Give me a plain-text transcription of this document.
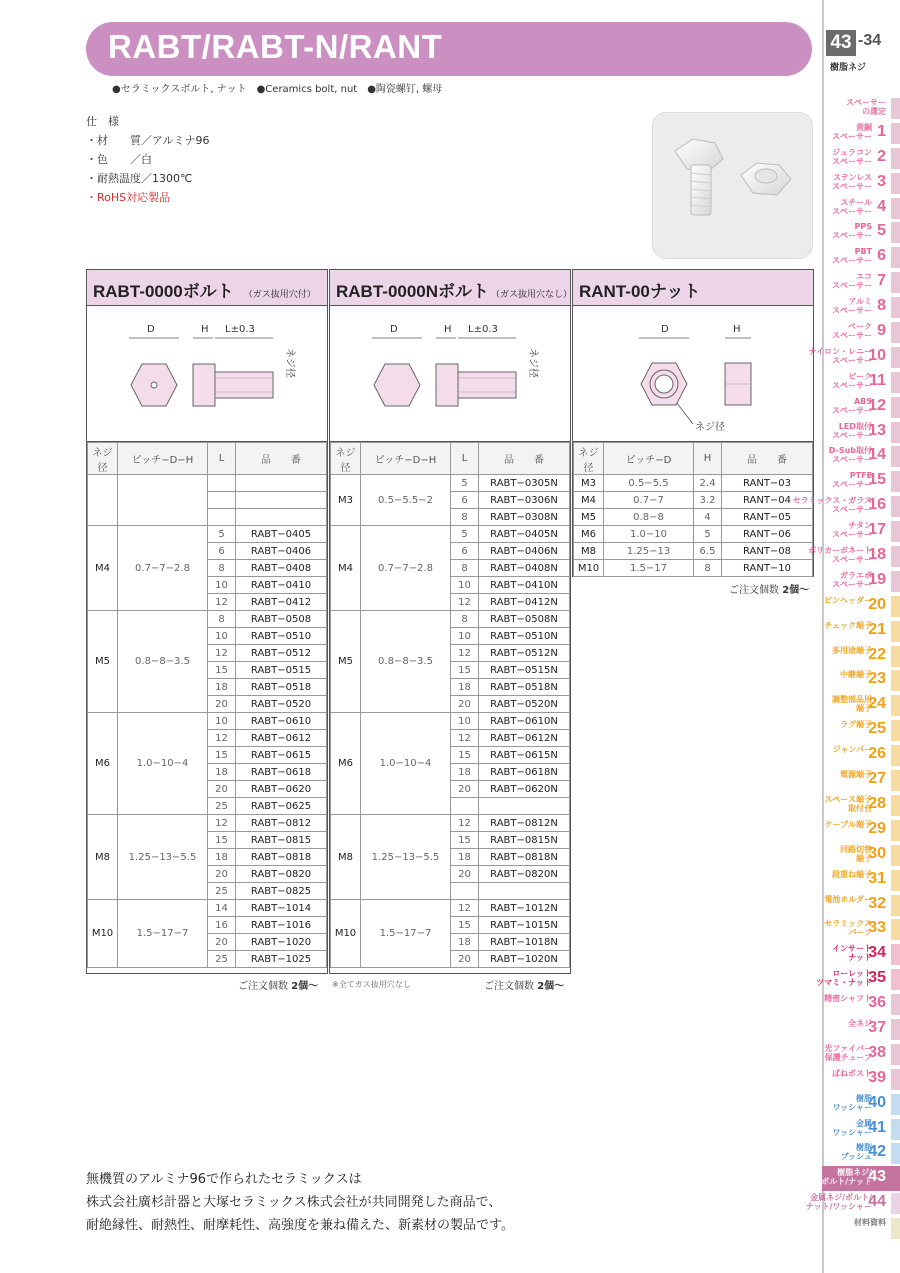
RABT/RABT-N/RANT
●セラミックスボルト, ナット　●Ceramics bolt, nut　●陶瓷螺钉, 螺母
43 -34
樹脂ネジ
仕　様
・材　　質／アルミナ96
・色　　／白
・耐熱温度／1300℃
・RoHS対応製品
RABT-0000ボルト （ガス抜用穴付）
D	H L±0.3
ネジ径
ネジ径	ピッチ−D−H	L	品　　番

M4	0.7−7−2.8	5	RABT−0405
		6	RABT−0406
		8	RABT−0408
		10	RABT−0410
		12	RABT−0412
M5	0.8−8−3.5	8	RABT−0508
		10	RABT−0510
		12	RABT−0512
		15	RABT−0515
		18	RABT−0518
		20	RABT−0520
M6	1.0−10−4	10	RABT−0610
		12	RABT−0612
		15	RABT−0615
		18	RABT−0618
		20	RABT−0620
		25	RABT−0625
M8	1.25−13−5.5	12	RABT−0812
		15	RABT−0815
		18	RABT−0818
		20	RABT−0820
		25	RABT−0825
M10	1.5−17−7	14	RABT−1014
		16	RABT−1016
		20	RABT−1020
		25	RABT−1025
ご注文個数 2個〜 ※全てガス抜用穴なし
RABT-0000Nボルト （ガス抜用穴なし）
D	H L±0.3
ネジ径
ネジ径	ピッチ−D−H	L	品　　番
M3	0.5−5.5−2	5	RABT−0305N
		6	RABT−0306N
		8	RABT−0308N
M4	0.7−7−2.8	5	RABT−0405N
		6	RABT−0406N
		8	RABT−0408N
		10	RABT−0410N
		12	RABT−0412N
M5	0.8−8−3.5	8	RABT−0508N
		10	RABT−0510N
		12	RABT−0512N
		15	RABT−0515N
		18	RABT−0518N
		20	RABT−0520N
M6	1.0−10−4	10	RABT−0610N
		12	RABT−0612N
		15	RABT−0615N
		18	RABT−0618N
		20	RABT−0620N

M8	1.25−13−5.5	12	RABT−0812N
		15	RABT−0815N
		18	RABT−0818N
		20	RABT−0820N

M10	1.5−17−7	12	RABT−1012N
		15	RABT−1015N
		18	RABT−1018N
		20	RABT−1020N
ご注文個数 2個〜
RANT-00ナット
D	H
ネジ径
ネジ径	ピッチ−D	H	品　　番
M3	0.5−5.5	2.4	RANT−03
M4	0.7−7	3.2	RANT−04
M5	0.8−8	4	RANT−05
M6	1.0−10	5	RANT−06
M8	1.25−13	6.5	RANT−08
M10	1.5−17	8	RANT−10
ご注文個数 2個〜
スペーサー
の選定
黄銅
スペーサー 1
ジュラコン
スペーサー 2
ステンレス
スペーサー 3
スチール
スペーサー 4
PPS
スペーサー 5
PBT
スペーサー 6
エコ
スペーサー 7
アルミ
スペーサー 8
ベーク
スペーサー 9
ナイロン・レニー
スペーサー
10
ピーク
スペーサー
11
ABS
スペーサー
12
LED取付
スペーサー
13
D-Sub取付
スペーサー
14
PTFE
スペーサー
15
セラミックス・ガラス
スペーサー
16
チタン
スペーサー
17
ポリカーボネート
スペーサー
18
ガラエポ
スペーサー
19
ピンヘッダー
20
チェック端子
21
多用途端子
22
中継端子
23
調整部品用
端子
24
ラグ端子
25
ジャンパー
26
電源端子
27
スペース端子
取付台
28
ケーブル端子
29
回路切替
端子
30
段重ね端子
31
電池ホルダー
32
セラミックス
パーツ
33
インサート
ナット
34
ローレット
ツマミ・ナット
35
精密シャフト
36
全ネジ
37
光ファイバー
保護チューブ
38
ばねポスト
39
樹脂
ワッシャー
40
金属
ワッシャー
41
樹脂
ブッシュ
42
樹脂ネジ/
ボルト/ナット
43
金属ネジ/ボルト/
ナット/ワッシャー
44
材料資料
無機質のアルミナ96で作られたセラミックスは
株式会社廣杉計器と大塚セラミックス株式会社が共同開発した商品で、
耐絶縁性、耐熱性、耐摩耗性、高強度を兼ね備えた、新素材の製品です。
